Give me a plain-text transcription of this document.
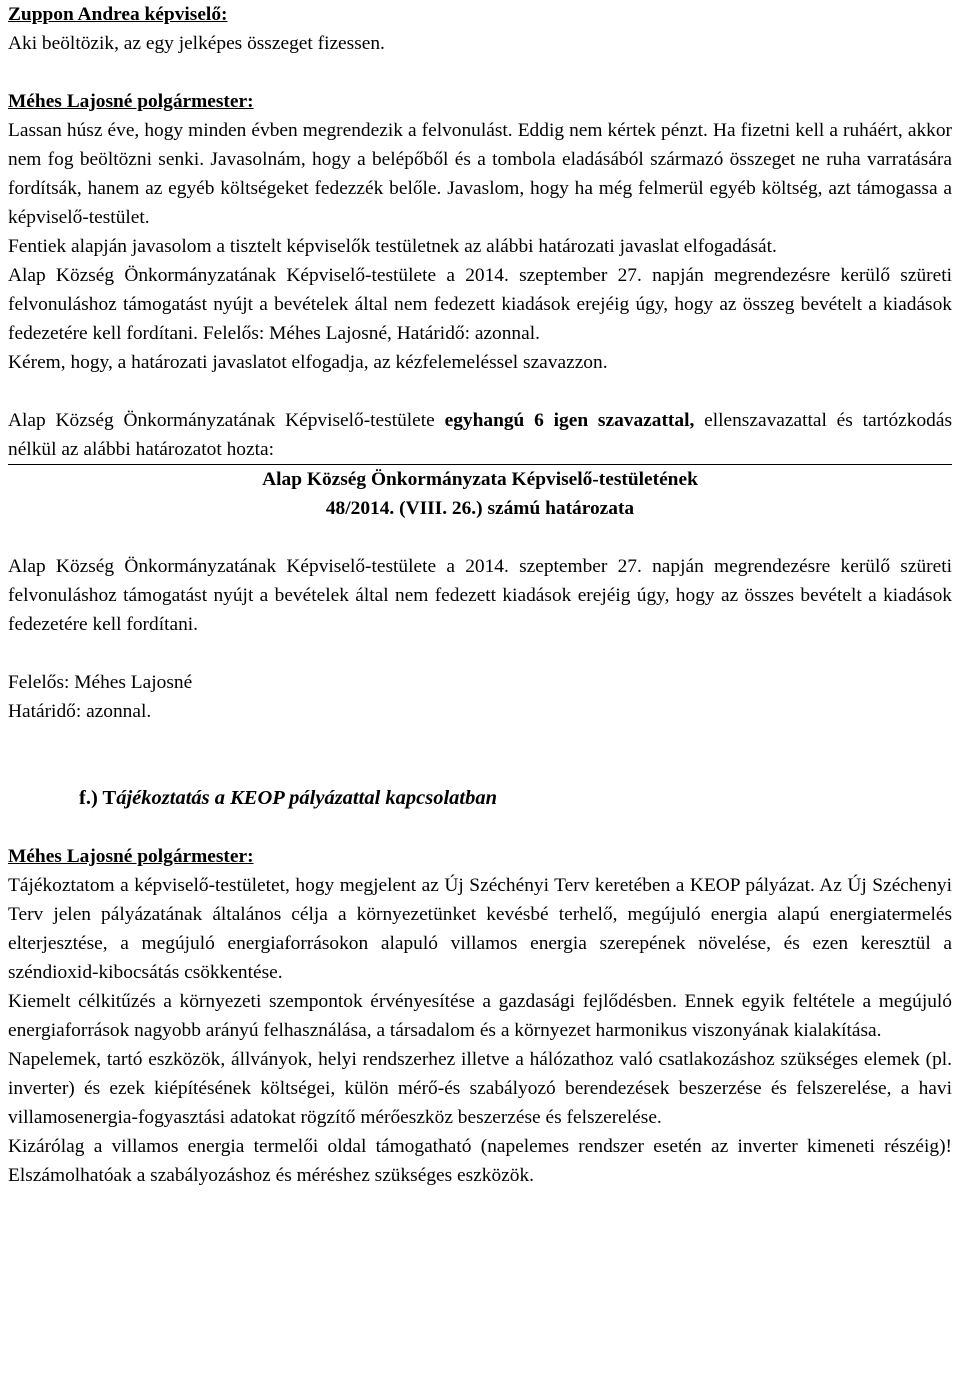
Zuppon Andrea képviselő:

Aki beöltözik, az egy jelképes összeget fizessen.

Méhes Lajosné polgármester:

Lassan húsz éve, hogy minden évben megrendezik a felvonulást. Eddig nem kértek pénzt. Ha fizetni kell a ruháért, akkor nem fog beöltözni senki. Javasolnám, hogy a belépőből és a tombola eladásából származó összeget ne ruha varratására fordítsák, hanem az egyéb költségeket fedezzék belőle. Javaslom, hogy ha még felmerül egyéb költség, azt támogassa a képviselő-testület.

Fentiek alapján javasolom a tisztelt képviselők testületnek az alábbi határozati javaslat elfogadását.

Alap Község Önkormányzatának Képviselő-testülete a 2014. szeptember 27. napján megrendezésre kerülő szüreti felvonuláshoz támogatást nyújt a bevételek által nem fedezett kiadások erejéig úgy, hogy az összeg bevételt a kiadások fedezetére kell fordítani. Felelős: Méhes Lajosné, Határidő: azonnal.

Kérem, hogy, a határozati javaslatot elfogadja, az kézfelemeléssel szavazzon.

Alap Község Önkormányzatának Képviselő-testülete egyhangú 6 igen szavazattal, ellenszavazattal és tartózkodás nélkül az alábbi határozatot hozta:

Alap Község Önkormányzata Képviselő-testületének
48/2014. (VIII. 26.) számú határozata

Alap Község Önkormányzatának Képviselő-testülete a 2014. szeptember 27. napján megrendezésre kerülő szüreti felvonuláshoz támogatást nyújt a bevételek által nem fedezett kiadások erejéig úgy, hogy az összes bevételt a kiadások fedezetére kell fordítani.

Felelős: Méhes Lajosné
Határidő: azonnal.
f.) Tájékoztatás a KEOP pályázattal kapcsolatban
Méhes Lajosné polgármester:

Tájékoztatom a képviselő-testületet, hogy megjelent az Új Széchényi Terv keretében a KEOP pályázat. Az Új Széchenyi Terv jelen pályázatának általános célja a környezetünket kevésbé terhelő, megújuló energia alapú energiatermelés elterjesztése, a megújuló energiaforrásokon alapuló villamos energia szerepének növelése, és ezen keresztül a széndioxid-kibocsátás csökkentése.

Kiemelt célkitűzés a környezeti szempontok érvényesítése a gazdasági fejlődésben. Ennek egyik feltétele a megújuló energiaforrások nagyobb arányú felhasználása, a társadalom és a környezet harmonikus viszonyának kialakítása.

Napelemek, tartó eszközök, állványok, helyi rendszerhez illetve a hálózathoz való csatlakozáshoz szükséges elemek (pl. inverter) és ezek kiépítésének költségei, külön mérő-és szabályozó berendezések beszerzése és felszerelése, a havi villamosenergia-fogyasztási adatokat rögzítő mérőeszköz beszerzése és felszerelése.

Kizárólag a villamos energia termelői oldal támogatható (napelemes rendszer esetén az inverter kimeneti részéig)! Elszámolhatóak a szabályozáshoz és méréshez szükséges eszközök.
